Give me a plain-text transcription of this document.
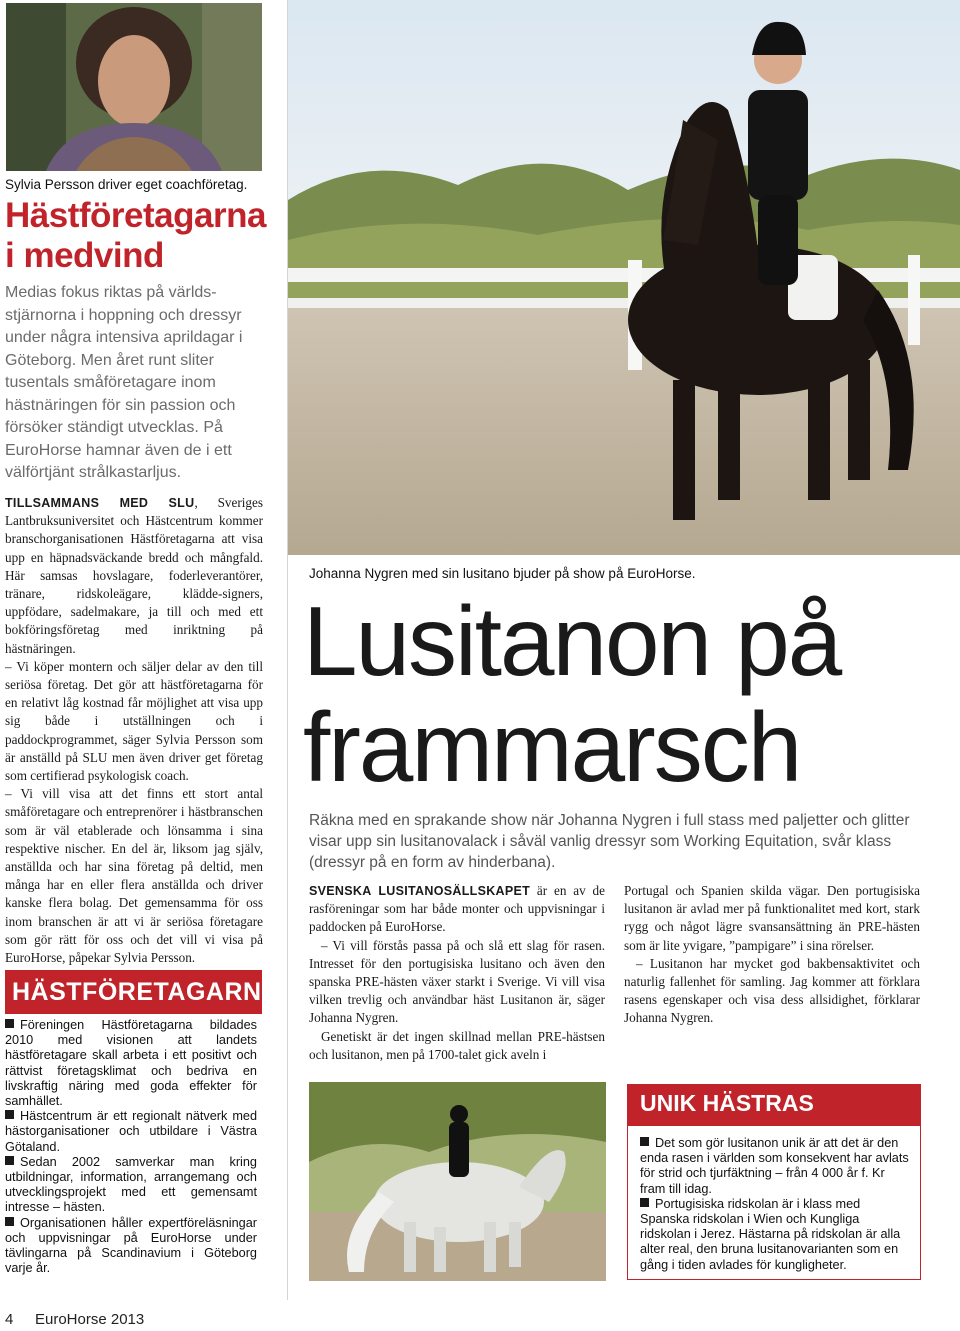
Sylvia Persson driver eget coachföretag.
Hästföretagarna
i medvind
Medias fokus riktas på världs-stjärnorna i hoppning och dressyr under några intensiva aprildagar i Göteborg. Men året runt sliter tusentals småföretagare inom hästnäringen för sin passion och försöker ständigt utvecklas. På EuroHorse hamnar även de i ett välförtjänt strålkastarljus.

TILLSAMMANS MED SLU, Sveriges Lantbruksuniversitet och Hästcentrum kommer branschorganisationen Hästföretagarna att visa upp en häpnadsväckande bredd och mångfald. Här samsas hovslagare, foderleverantörer, tränare, ridskoleägare, klädde-signers, uppfödare, sadelmakare, ja till och med ett bokföringsföretag med inriktning på hästnäringen.

– Vi köper montern och säljer delar av den till seriösa företag. Det gör att hästföretagarna för en relativt låg kostnad får möjlighet att visa upp sig både i utställningen och i paddockprogrammet, säger Sylvia Persson som är anställd på SLU men även driver get företag som certifierad psykologisk coach.

– Vi vill visa att det finns ett stort antal småföretagare och entreprenörer i hästbranschen som är väl etablerade och lönsamma i sina respektive nischer. En del är, liksom jag själv, anställda och har sina företag på deltid, men många har en eller flera anställda och driver kanske flera bolag. Det gemensamma för oss inom branschen är att vi är seriösa företagare som gör rätt för oss och det vill vi visa på EuroHorse, påpekar Sylvia Persson.

HÄSTFÖRETAGARNA

Föreningen Hästföretagarna bildades 2010 med visionen att landets hästföretagare skall arbeta i ett positivt och rättvist företagsklimat och bedriva en livskraftig näring med goda effekter för samhället.

Hästcentrum är ett regionalt nätverk med hästorganisationer och utbildare i Västra Götaland.

Sedan 2002 samverkar man kring utbildningar, information, arrangemang och utvecklingsprojekt med ett gemensamt intresse – hästen.

Organisationen håller expertföreläsningar och uppvisningar på EuroHorse under tävlingarna på Scandinavium i Göteborg varje år.

4 EuroHorse 2013
Johanna Nygren med sin lusitano bjuder på show på EuroHorse.
Lusitanon på
frammarsch
Räkna med en sprakande show när Johanna Nygren i full stass med paljetter och glitter visar upp sin lusitanovalack i såväl vanlig dressyr som Working Equitation, svår klass (dressyr på en form av hinderbana).

SVENSKA LUSITANOSÄLLSKAPET är en av de rasföreningar som har både monter och uppvisningar i paddocken på EuroHorse.

– Vi vill förstås passa på och slå ett slag för rasen. Intresset för den portugisiska lusitano och även den spanska PRE-hästen växer starkt i Sverige. Vi vill visa vilken trevlig och användbar häst Lusitanon är, säger Johanna Nygren.

Genetiskt är det ingen skillnad mellan PRE-hästsen och lusitanon, men på 1700-talet gick aveln i

Portugal och Spanien skilda vägar. Den portugisiska lusitanon är avlad mer på funktionalitet med kort, stark rygg och något lägre svansansättning än PRE-hästen som är lite yvigare, ”pampigare” i sina rörelser.

– Lusitanon har mycket god bakbensaktivitet och naturlig fallenhet för samling. Jag kommer att förklara rasens egenskaper och visa dess allsidighet, förklarar Johanna Nygren.

UNIK HÄSTRAS

Det som gör lusitanon unik är att det är den enda rasen i världen som konsekvent har avlats för strid och tjurfäktning – från 4 000 år f. Kr fram till idag.

Portugisiska ridskolan är i klass med Spanska ridskolan i Wien och Kungliga ridskolan i Jerez. Hästarna på ridskolan är alla alter real, den bruna lusitanovarianten som en gång i tiden avlades för kungligheter.
